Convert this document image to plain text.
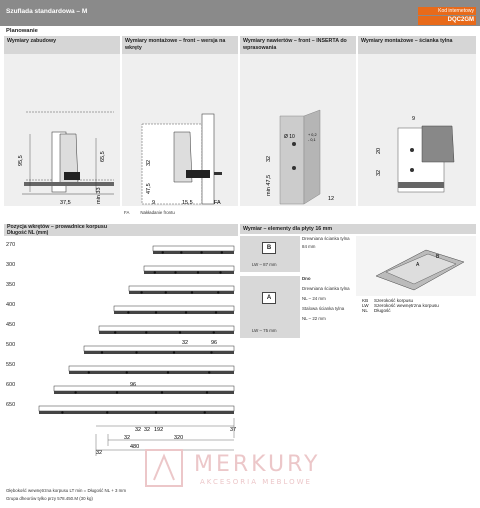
Szuflada standardowa – M	Kod internetowy
DQC2GM
Planowanie
Wymiary zabudowy
95,5	65,5
37,5	min 33
Wymiary montażowe – front – wersja na wkręty
32
47,5
9	15,5	FA
Wymiary nawiertów – front – INSERTA do wprasowania
Ø 10	+ 0,2
- 0,1
32
min 47,5
12
Wymiary montażowe – ścianka tylna
9
20
32
FA	Nakładanie frontu
Pozycja wkrętów – prowadnice korpusu
Długość NL (mm)
192
32 32	37
32	320
480
32
32	96
96
270
300
350
400
450
500
550
600
650
Głębokość wewnętrzna korpusu LT min = Długość NL + 3 mm
Grupa dheorów tylko przy 578.450.M (30 kg)
Wymiar – elementy dla płyty 16 mm
B
LW – 87 mm
Drewniana ścianka tylna
84 mm
A
LW – 75 mm
Dno
Drewniana ścianka tylna
NL – 24 mm
Stalowa ścianka tylna
NL – 22 mm
A
B
KB Szerokość korpusu
LW Szerokość wewnętrzna korpusu
NL Długość
MERKURY
AKCESORIA MEBLOWE
